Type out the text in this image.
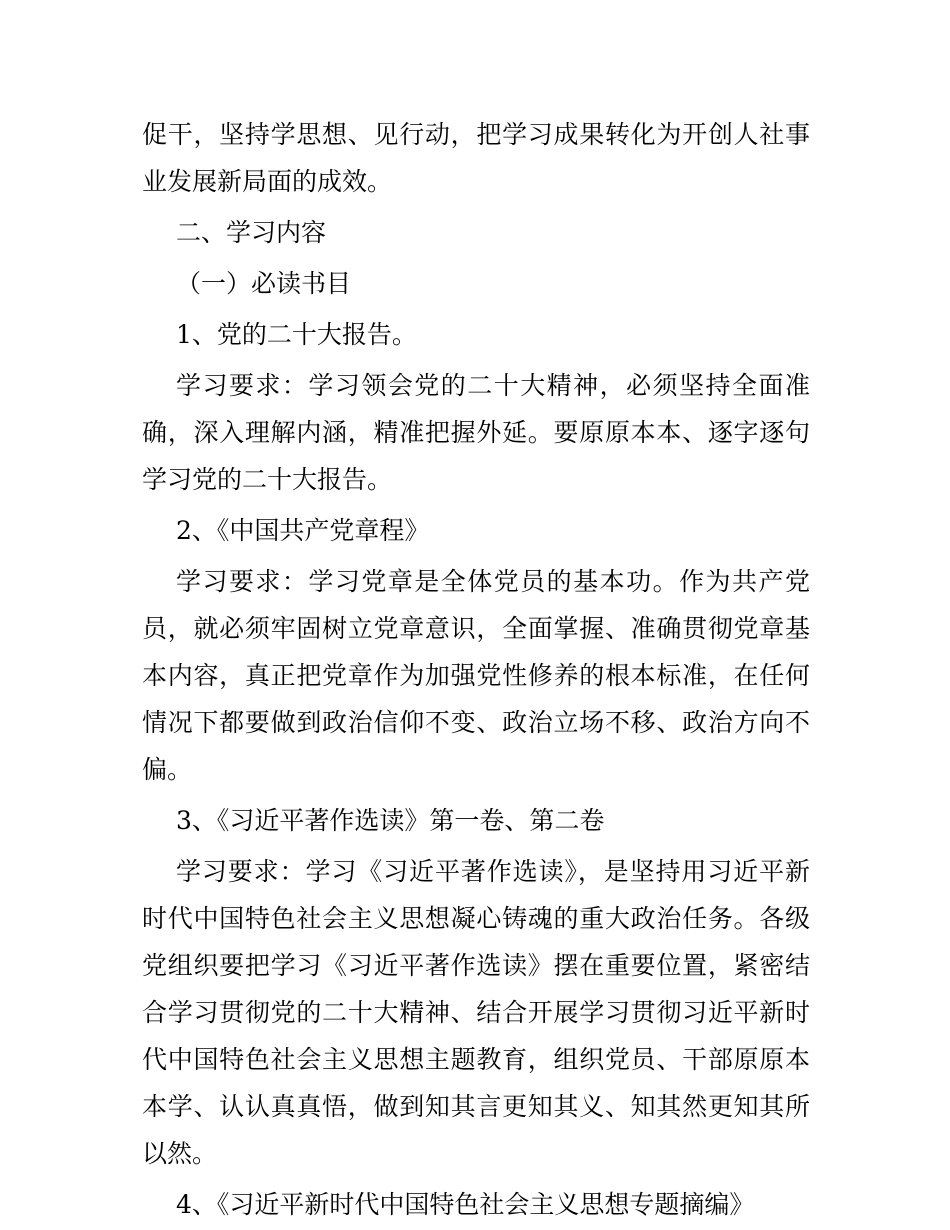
促干，坚持学思想、见行动，把学习成果转化为开创人社事业发展新局面的成效。

二、学习内容

（一）必读书目

1、党的二十大报告。

学习要求：学习领会党的二十大精神，必须坚持全面准确，深入理解内涵，精准把握外延。要原原本本、逐字逐句学习党的二十大报告。

2、《中国共产党章程》

学习要求：学习党章是全体党员的基本功。作为共产党员，就必须牢固树立党章意识，全面掌握、准确贯彻党章基本内容，真正把党章作为加强党性修养的根本标准，在任何情况下都要做到政治信仰不变、政治立场不移、政治方向不偏。

3、《习近平著作选读》第一卷、第二卷

学习要求：学习《习近平著作选读》，是坚持用习近平新时代中国特色社会主义思想凝心铸魂的重大政治任务。各级党组织要把学习《习近平著作选读》摆在重要位置，紧密结合学习贯彻党的二十大精神、结合开展学习贯彻习近平新时代中国特色社会主义思想主题教育，组织党员、干部原原本本学、认认真真悟，做到知其言更知其义、知其然更知其所以然。

4、《习近平新时代中国特色社会主义思想专题摘编》
